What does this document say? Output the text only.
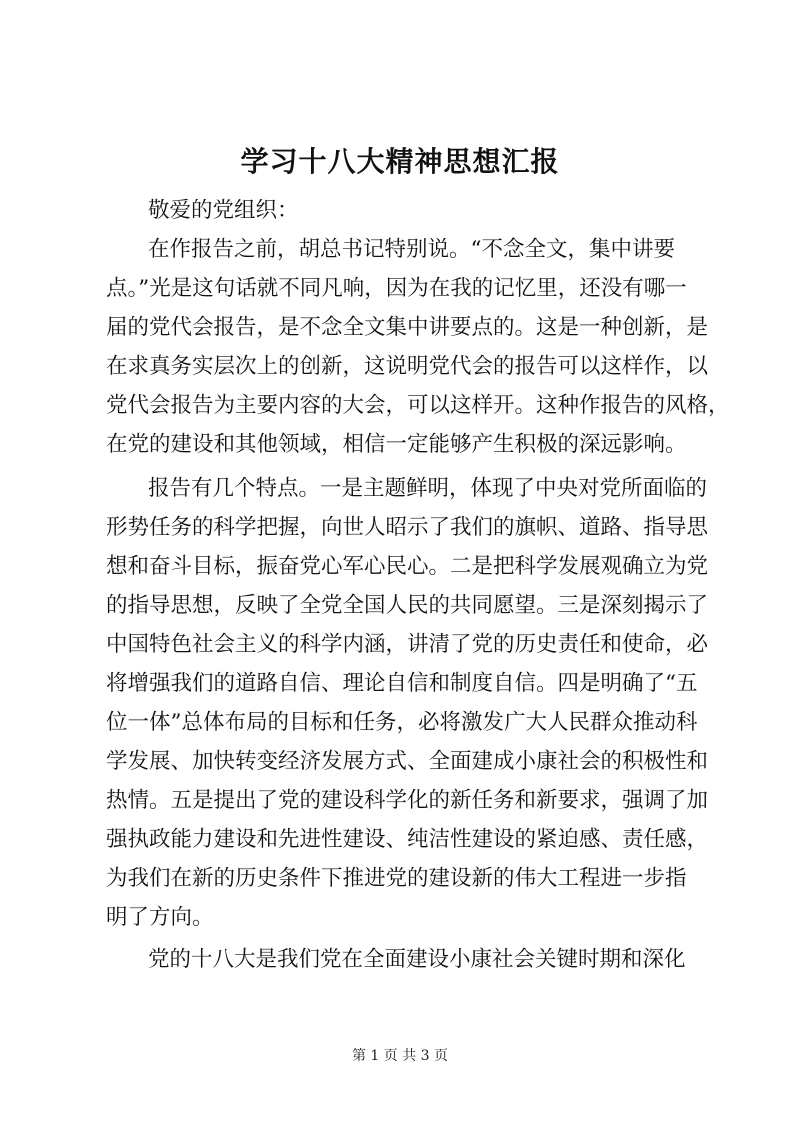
学习十八大精神思想汇报
敬爱的党组织：
在作报告之前，胡总书记特别说。“不念全文，集中讲要
点。”光是这句话就不同凡响，因为在我的记忆里，还没有哪一
届的党代会报告，是不念全文集中讲要点的。这是一种创新，是
在求真务实层次上的创新，这说明党代会的报告可以这样作，以
党代会报告为主要内容的大会，可以这样开。这种作报告的风格，
在党的建设和其他领域，相信一定能够产生积极的深远影响。
报告有几个特点。一是主题鲜明，体现了中央对党所面临的
形势任务的科学把握，向世人昭示了我们的旗帜、道路、指导思
想和奋斗目标，振奋党心军心民心。二是把科学发展观确立为党
的指导思想，反映了全党全国人民的共同愿望。三是深刻揭示了
中国特色社会主义的科学内涵，讲清了党的历史责任和使命，必
将增强我们的道路自信、理论自信和制度自信。四是明确了“五
位一体”总体布局的目标和任务，必将激发广大人民群众推动科
学发展、加快转变经济发展方式、全面建成小康社会的积极性和
热情。五是提出了党的建设科学化的新任务和新要求，强调了加
强执政能力建设和先进性建设、纯洁性建设的紧迫感、责任感，
为我们在新的历史条件下推进党的建设新的伟大工程进一步指
明了方向。
党的十八大是我们党在全面建设小康社会关键时期和深化
第 1 页 共 3 页
